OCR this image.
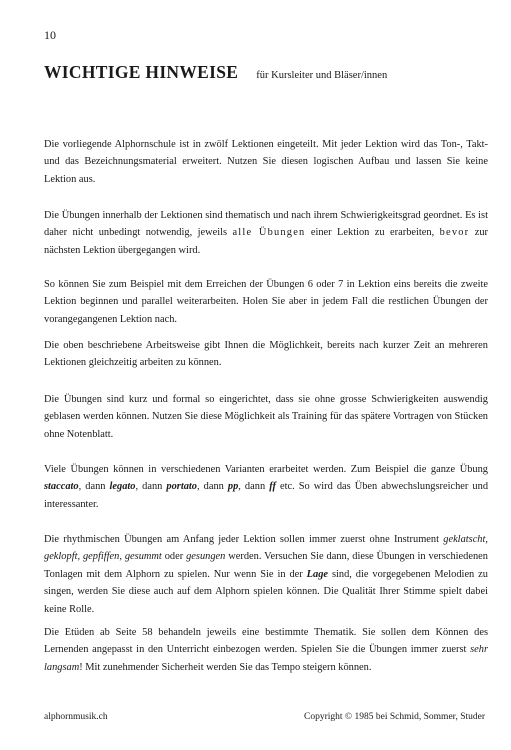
10
WICHTIGE HINWEISE für Kursleiter und Bläser/innen

Die vorliegende Alphornschule ist in zwölf Lektionen eingeteilt. Mit jeder Lektion wird das Ton-, Takt- und das Bezeichnungsmaterial erweitert. Nutzen Sie diesen logischen Aufbau und lassen Sie keine Lektion aus.

Die Übungen innerhalb der Lektionen sind thematisch und nach ihrem Schwierigkeitsgrad geordnet. Es ist daher nicht unbedingt notwendig, jeweils alle Übungen einer Lektion zu erarbeiten, bevor zur nächsten Lektion übergegangen wird.

So können Sie zum Beispiel mit dem Erreichen der Übungen 6 oder 7 in Lektion eins bereits die zweite Lektion beginnen und parallel weiterarbeiten. Holen Sie aber in jedem Fall die restlichen Übungen der vorangegangenen Lektion nach.

Die oben beschriebene Arbeitsweise gibt Ihnen die Möglichkeit, bereits nach kurzer Zeit an mehreren Lektionen gleichzeitig arbeiten zu können.

Die Übungen sind kurz und formal so eingerichtet, dass sie ohne grosse Schwierigkeiten auswendig geblasen werden können. Nutzen Sie diese Möglichkeit als Training für das spätere Vortragen von Stücken ohne Notenblatt.

Viele Übungen können in verschiedenen Varianten erarbeitet werden. Zum Beispiel die ganze Übung staccato, dann legato, dann portato, dann pp, dann ff etc. So wird das Üben abwechslungsreicher und interessanter.

Die rhythmischen Übungen am Anfang jeder Lektion sollen immer zuerst ohne Instrument geklatscht, geklopft, gepfiffen, gesummt oder gesungen werden. Versuchen Sie dann, diese Übungen in verschiedenen Tonlagen mit dem Alphorn zu spielen. Nur wenn Sie in der Lage sind, die vorgegebenen Melodien zu singen, werden Sie diese auch auf dem Alphorn spielen können. Die Qualität Ihrer Stimme spielt dabei keine Rolle.

Die Etüden ab Seite 58 behandeln jeweils eine bestimmte Thematik. Sie sollen dem Können des Lernenden angepasst in den Unterricht einbezogen werden. Spielen Sie die Übungen immer zuerst sehr langsam! Mit zunehmender Sicherheit werden Sie das Tempo steigern können.

alphornmusik.ch	Copyright © 1985 bei Schmid, Sommer, Studer
